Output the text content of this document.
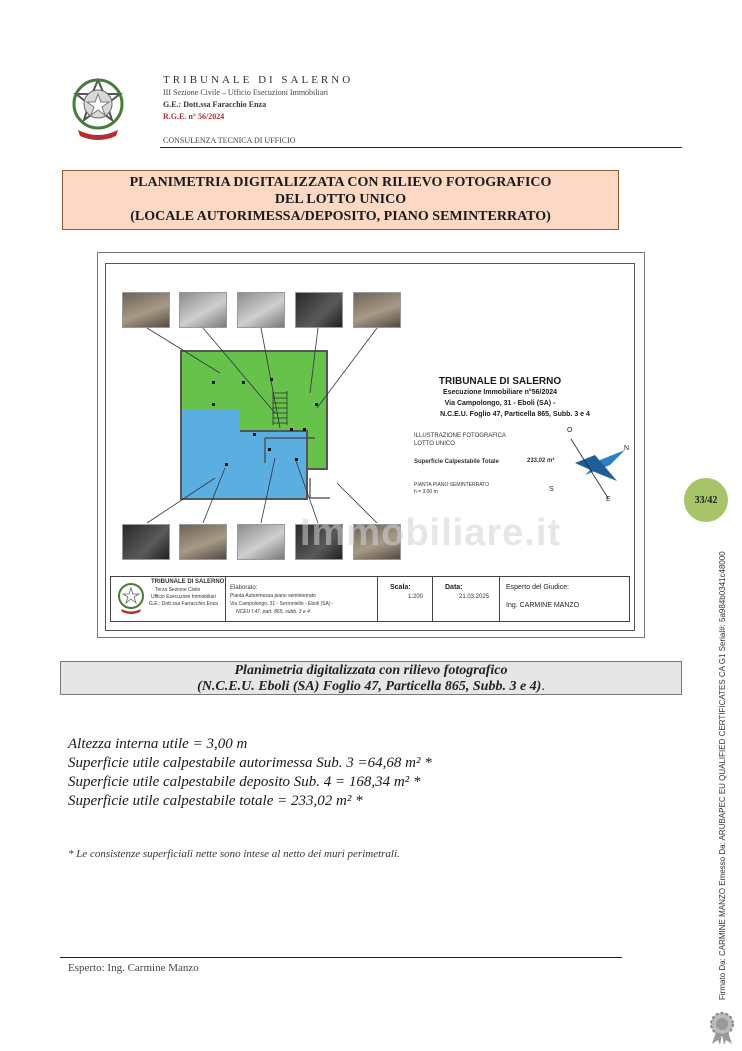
TRIBUNALE DI SALERNO
III Sezione Civile – Ufficio Esecuzioni Immobiliari
G.E.: Dott.ssa Faracchio Enza
R.G.E. n° 56/2024
CONSULENZA TECNICA DI UFFICIO
PLANIMETRIA DIGITALIZZATA CON RILIEVO FOTOGRAFICO
DEL LOTTO UNICO
(LOCALE AUTORIMESSA/DEPOSITO, PIANO SEMINTERRATO)
TRIBUNALE DI SALERNO
Esecuzione Immobiliare n°56/2024
Via Campolongo, 31 - Eboli (SA) -
N.C.E.U. Foglio 47, Particella 865, Subb. 3 e 4
ILLUSTRAZIONE FOTOGRAFICA
LOTTO UNICO
Superficie Calpestabile Totale	233,02 m²
PIANTA PIANO SEMINTERRATO
h = 3,00 m
O
N
S
E
Immobiliare.it
TRIBUNALE DI SALERNO
Terza Sezione Civile
Ufficio Esecuzioni Immobiliari
G.E.: Dott.ssa Farracchio Enza
Elaborato:
Pianta Autorimessa piano seminterrato
Via Campolongo, 31 - Serroniello - Eboli (SA) -
NCEU f.47, part. 865, subb. 3 e 4
Scala:
1:200
Data:
21.03.2025
Esperto del Giudice:
Ing. CARMINE MANZO
33/42
Planimetria digitalizzata con rilievo fotografico
(N.C.E.U. Eboli (SA) Foglio 47, Particella 865, Subb. 3 e 4).
Altezza interna utile = 3,00 m
Superficie utile calpestabile autorimessa Sub. 3 =64,68 m² *
Superficie utile calpestabile deposito Sub. 4 = 168,34 m² *
Superficie utile calpestabile totale = 233,02 m² *
* Le consistenze superficiali nette sono intese al netto dei muri perimetrali.
Esperto: Ing. Carmine Manzo	Firmato Da: CARMINE MANZO Emesso Da: ARUBAPEC EU QUALIFIED CERTIFICATES CA G1 Serial#: 5a984b0341c48000
